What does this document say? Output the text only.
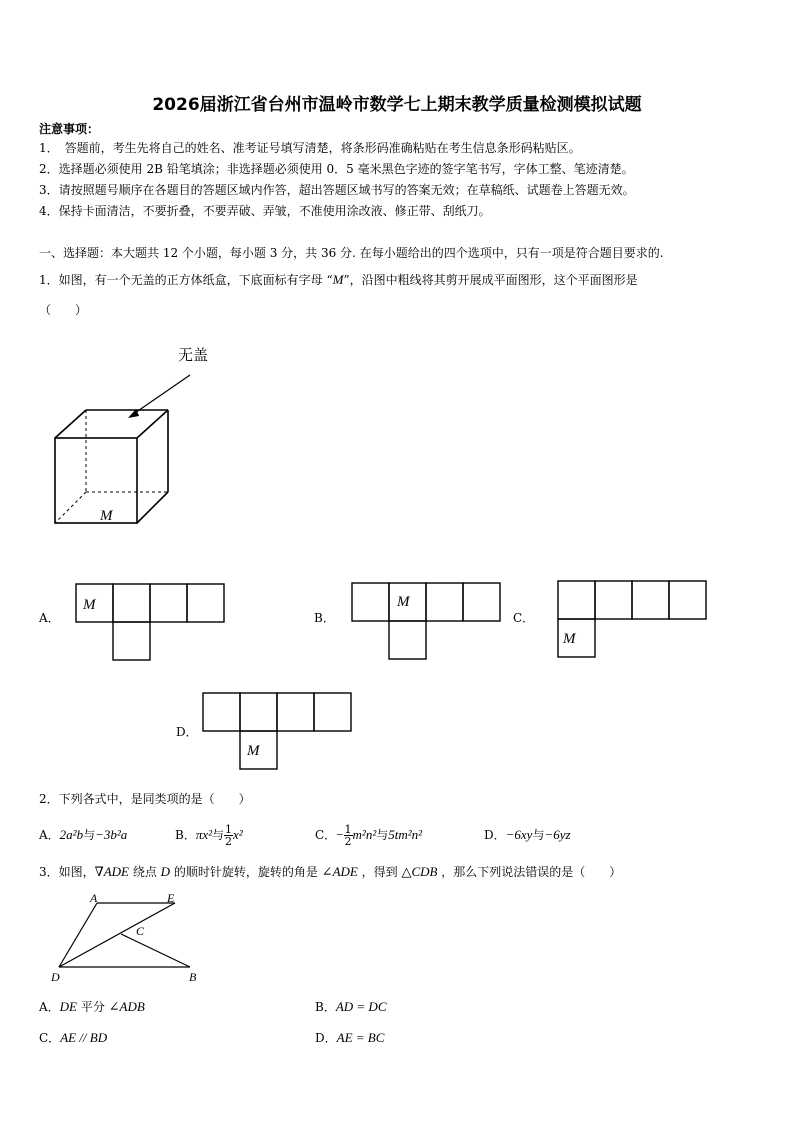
2026届浙江省台州市温岭市数学七上期末教学质量检测模拟试题
注意事项：
1．　答题前，考生先将自己的姓名、准考证号填写清楚，将条形码准确粘贴在考生信息条形码粘贴区。
2．选择题必须使用 2B 铅笔填涂；非选择题必须使用 0．5 毫米黑色字迹的签字笔书写，字体工整、笔迹清楚。
3．请按照题号顺序在各题目的答题区域内作答，超出答题区域书写的答案无效；在草稿纸、试题卷上答题无效。
4．保持卡面清洁，不要折叠，不要弄破、弄皱，不准使用涂改液、修正带、刮纸刀。
一、选择题：本大题共 12 个小题，每小题 3 分，共 36 分. 在每小题给出的四个选项中，只有一项是符合题目要求的.
1．如图，有一个无盖的正方体纸盒，下底面标有字母 “M”，沿图中粗线将其剪开展成平面图形，这个平面图形是
（　　）
无盖
M
A．
M
B．
M
C．
M
D．
M
2．下列各式中，是同类项的是（　　）
A．2a²b与−3b²a	B．πx²与 $\frac{1}{2} x^2$	C．− $\frac{1}{2} m^2n^2$与5tm²n²	D．−6xy与−6yz
3．如图，∇ADE 绕点 D 的顺时针旋转，旋转的角是 ∠ADE ，得到 △CDB ，那么下列说法错误的是（　　）
A	E
C
D	B
A．DE 平分 ∠ADB	B．AD = DC
C．AE // BD	D．AE = BC
